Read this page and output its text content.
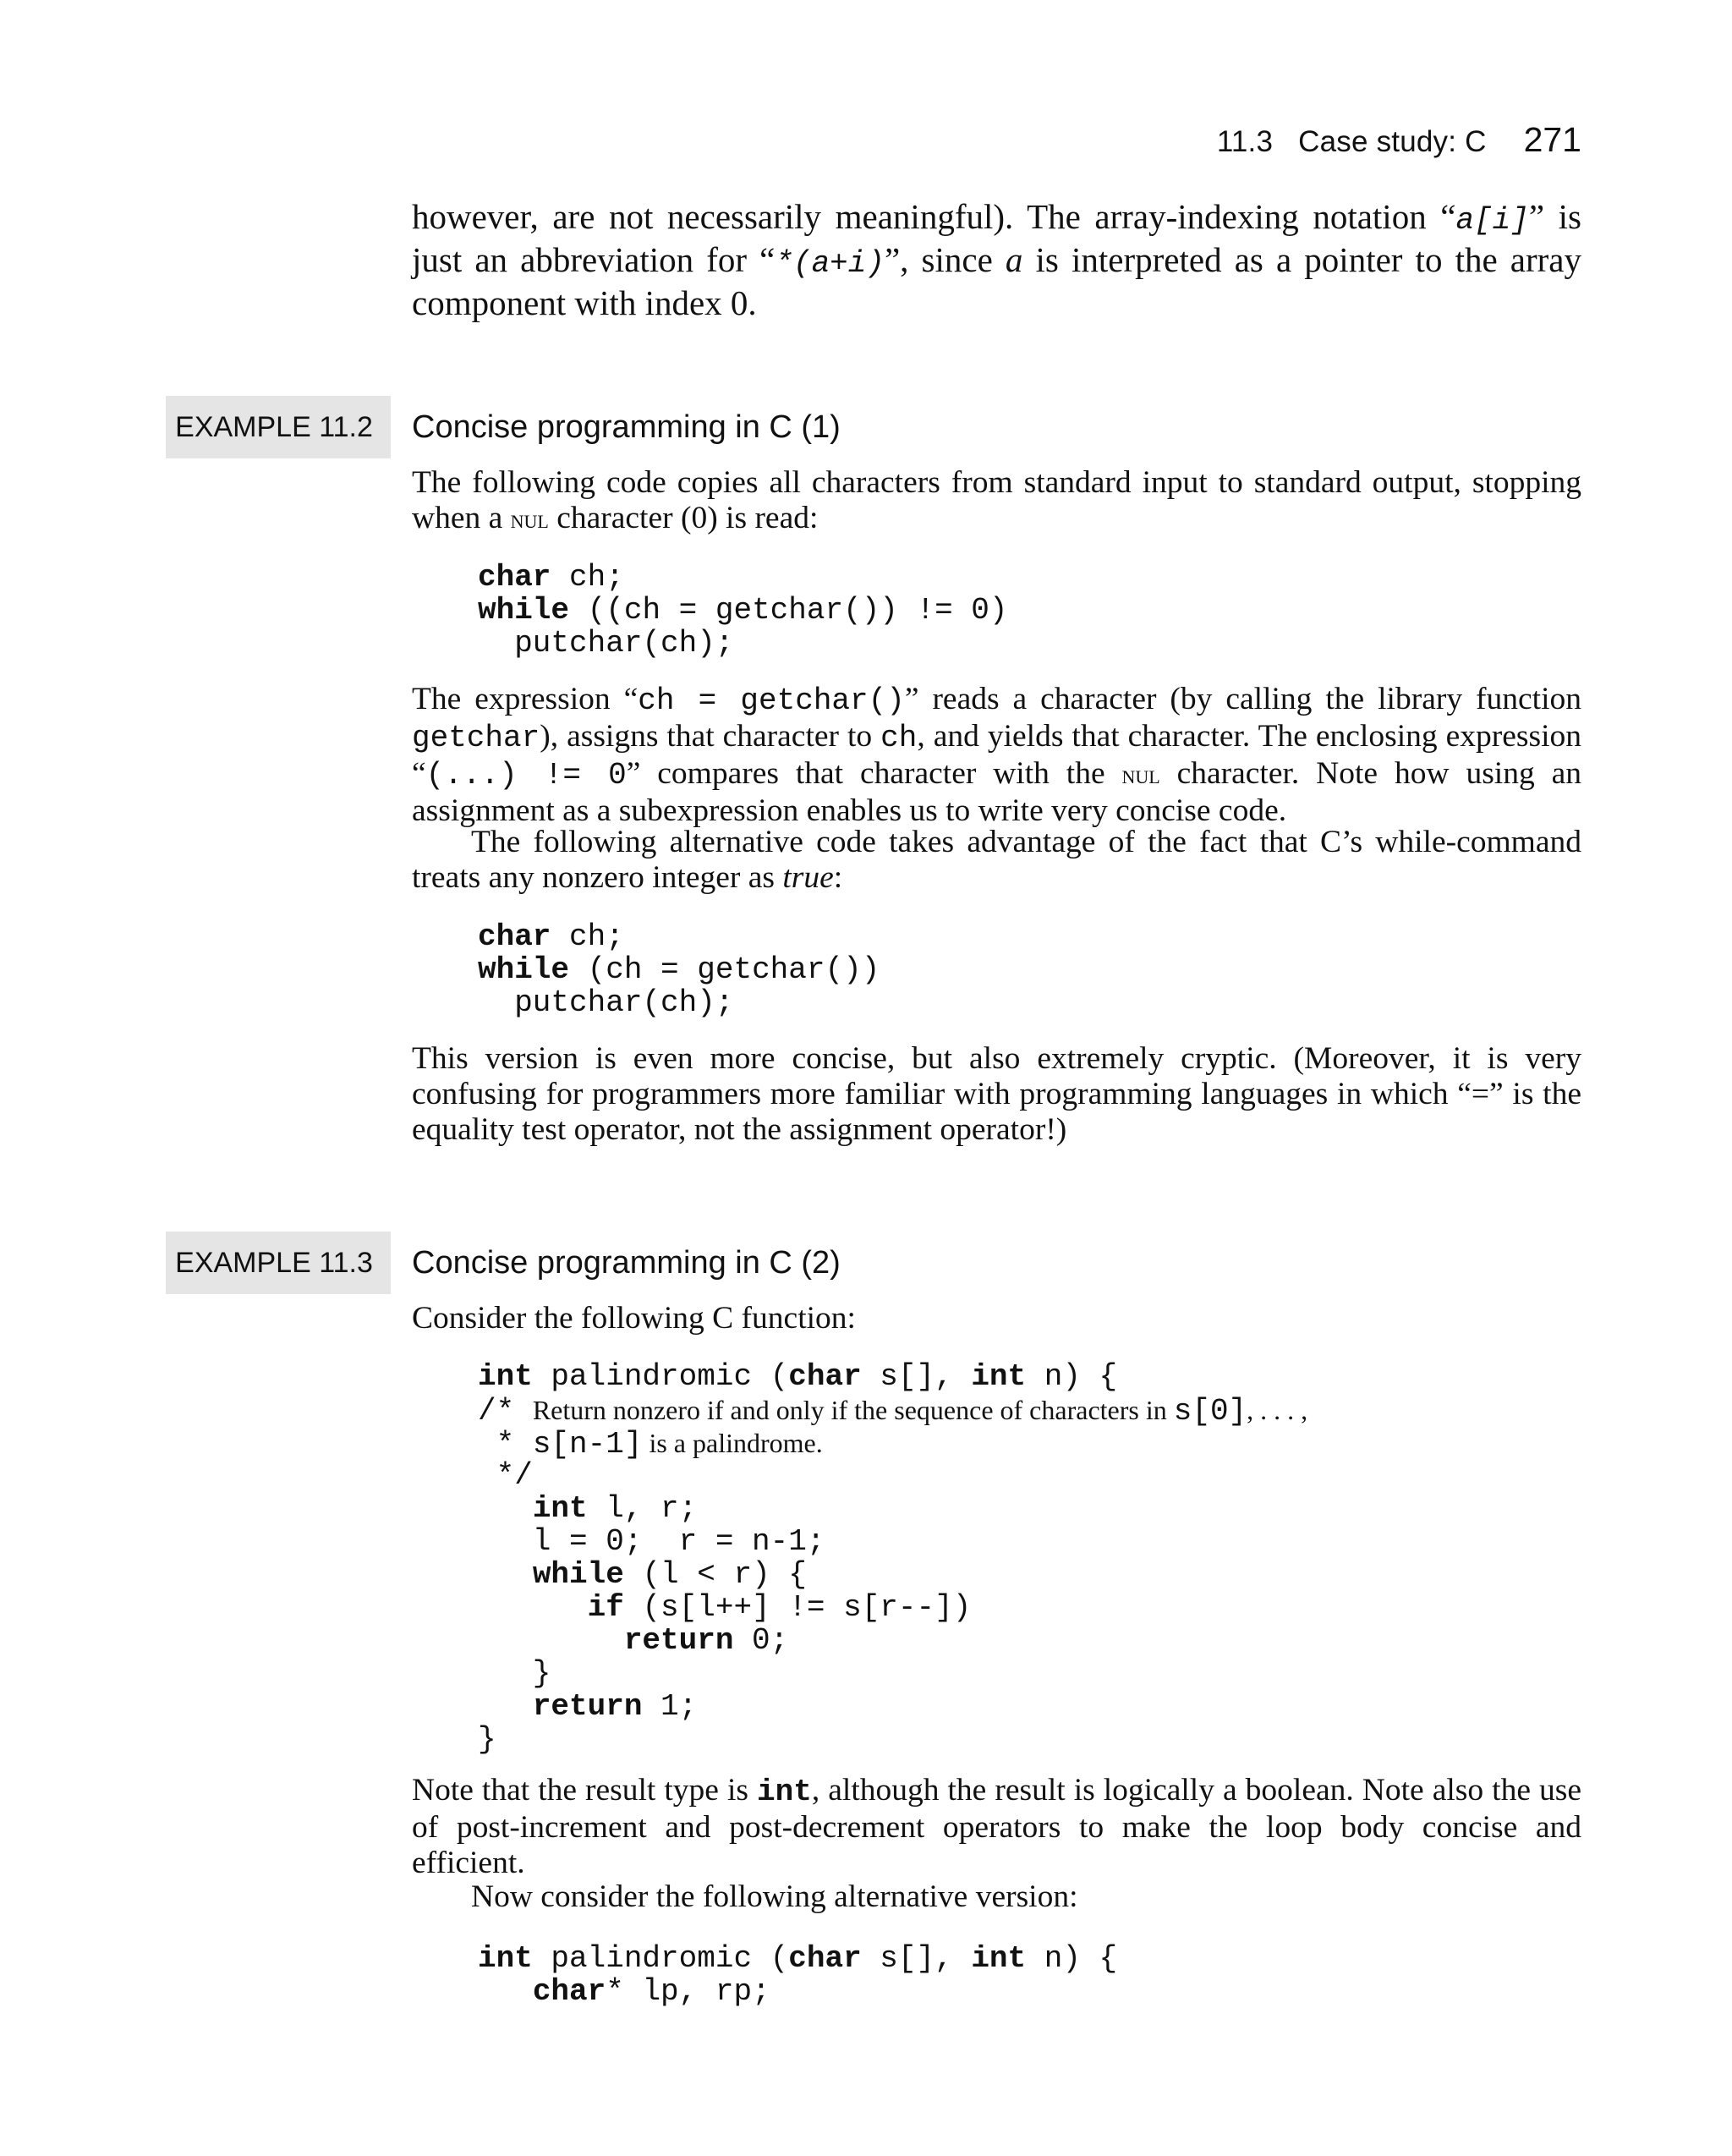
11.3 Case study: C 271

however, are not necessarily meaningful). The array-indexing notation “a[i]” is just an abbreviation for “*(a+i)”, since a is interpreted as a pointer to the array component with index 0.

EXAMPLE 11.2	Concise programming in C (1)

The following code copies all characters from standard input to standard output, stopping when a nul character (0) is read:

char ch;
while ((ch = getchar()) != 0)
putchar(ch);

The expression “ch = getchar()” reads a character (by calling the library function getchar), assigns that character to ch, and yields that character. The enclosing expression “(...) != 0” compares that character with the nul character. Note how using an assignment as a subexpression enables us to write very concise code.

The following alternative code takes advantage of the fact that C’s while-command treats any nonzero integer as true:

char ch;
while (ch = getchar())
putchar(ch);

This version is even more concise, but also extremely cryptic. (Moreover, it is very confusing for programmers more familiar with programming languages in which “=” is the equality test operator, not the assignment operator!)

EXAMPLE 11.3	Concise programming in C (2)

Consider the following C function:

int palindromic (char s[], int n) {
/* Return nonzero if and only if the sequence of characters in s[0], . . . ,
* s[n-1] is a palindrome.
*/
int l, r;
l = 0;  r = n-1;
while (l < r) {
if (s[l++] != s[r--])
return 0;
}
return 1;
}

Note that the result type is int, although the result is logically a boolean. Note also the use of post-increment and post-decrement operators to make the loop body concise and efficient.

Now consider the following alternative version:

int palindromic (char s[], int n) {
char* lp, rp;
